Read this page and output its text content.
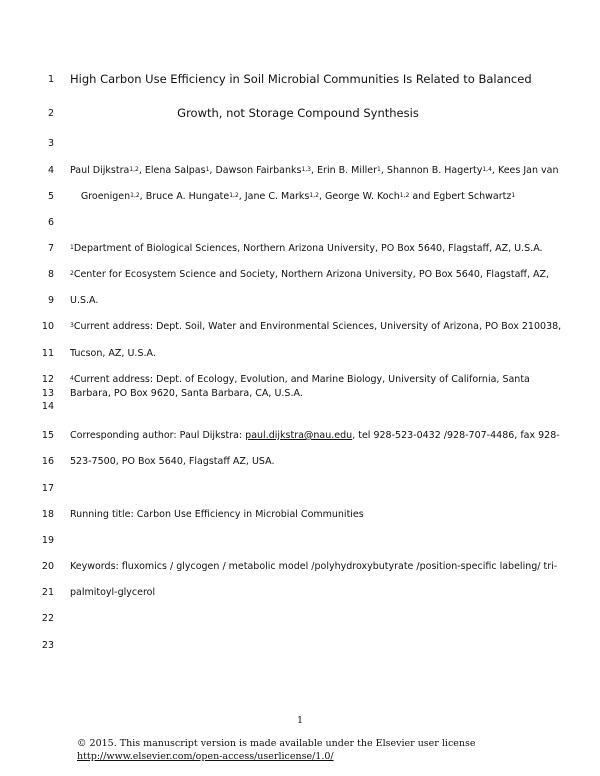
1
2
3
4
5
6
7
8
9
10
11
12
13
14
15
16
17
18
19
20
21
22
23
High Carbon Use Efficiency in Soil Microbial Communities Is Related to Balanced
Growth, not Storage Compound Synthesis
Paul Dijkstra$^{1,2}$, Elena Salpas$^1$, Dawson Fairbanks$^{1,3}$, Erin B. Miller$^1$, Shannon B. Hagerty$^{1,4}$, Kees Jan van
Groenigen$^{1,2}$, Bruce A. Hungate$^{1,2}$, Jane C. Marks$^{1,2}$, George W. Koch$^{1,2}$ and Egbert Schwartz$^1$
$^1$Department of Biological Sciences, Northern Arizona University, PO Box 5640, Flagstaff, AZ, U.S.A.
$^2$Center for Ecosystem Science and Society, Northern Arizona University, PO Box 5640, Flagstaff, AZ,
U.S.A.
$^3$Current address: Dept. Soil, Water and Environmental Sciences, University of Arizona, PO Box 210038,
Tucson, AZ, U.S.A.
$^4$Current address: Dept. of Ecology, Evolution, and Marine Biology, University of California, Santa
Barbara, PO Box 9620, Santa Barbara, CA, U.S.A.
Corresponding author: Paul Dijkstra: paul.dijkstra@nau.edu, tel 928-523-0432 /928-707-4486, fax 928-
523-7500, PO Box 5640, Flagstaff AZ, USA.
Running title: Carbon Use Efficiency in Microbial Communities
Keywords: fluxomics / glycogen / metabolic model /polyhydroxybutyrate /position-specific labeling/ tri-
palmitoyl-glycerol
1
© 2015. This manuscript version is made available under the Elsevier user license
http://www.elsevier.com/open-access/userlicense/1.0/
